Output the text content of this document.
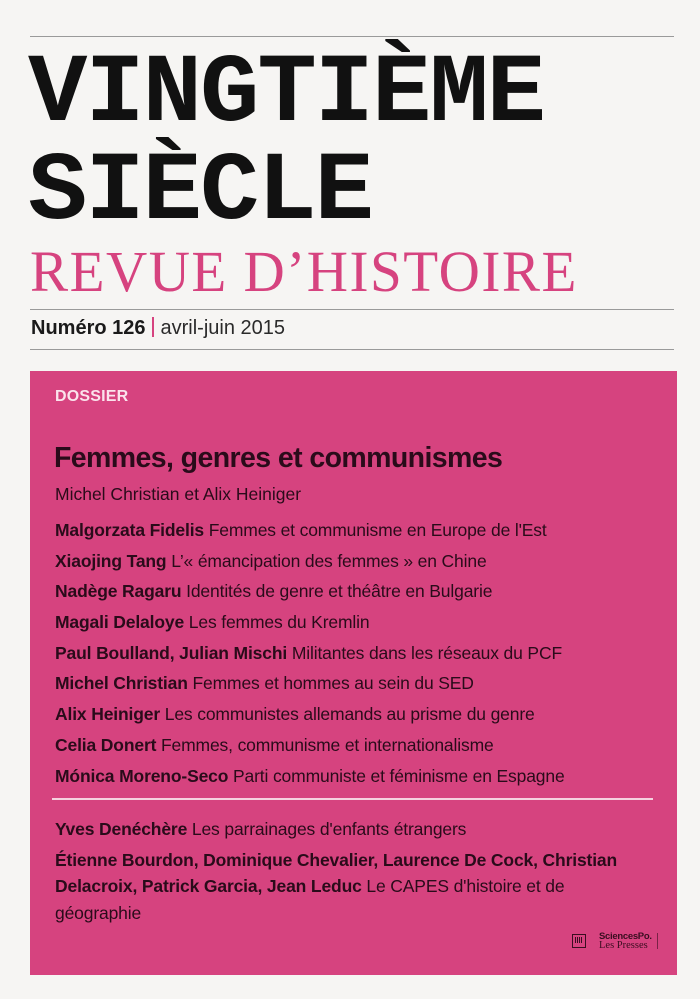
VINGTIÈME
SIÈCLE
REVUE D’HISTOIRE
Numéro 126 avril-juin 2015
DOSSIER
Femmes, genres et communismes
Michel Christian et Alix Heiniger
Malgorzata Fidelis Femmes et communisme en Europe de l'Est
Xiaojing Tang L’« émancipation des femmes » en Chine
Nadège Ragaru Identités de genre et théâtre en Bulgarie
Magali Delaloye Les femmes du Kremlin
Paul Boulland, Julian Mischi Militantes dans les réseaux du PCF
Michel Christian Femmes et hommes au sein du SED
Alix Heiniger Les communistes allemands au prisme du genre
Celia Donert Femmes, communisme et internationalisme
Mónica Moreno-Seco Parti communiste et féminisme en Espagne
Yves Denéchère Les parrainages d'enfants étrangers
Étienne Bourdon, Dominique Chevalier, Laurence De Cock, Christian Delacroix, Patrick Garcia, Jean Leduc Le CAPES d'histoire et de géographie
SciencesPo.
Les Presses
